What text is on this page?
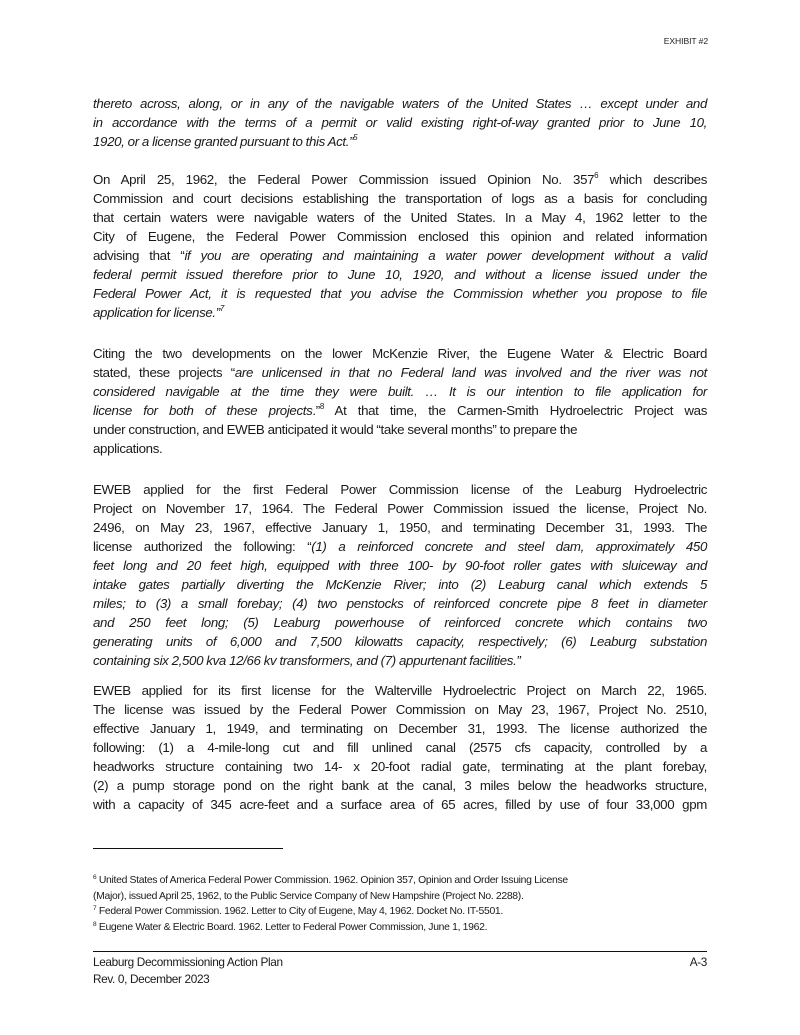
EXHIBIT #2
thereto across, along, or in any of the navigable waters of the United States … except under and
in accordance with the terms of a permit or valid existing right-of-way granted prior to June 10,
1920, or a license granted pursuant to this Act.”$^5$
On April 25, 1962, the Federal Power Commission issued Opinion No. $357^6$ which describes
Commission and court decisions establishing the transportation of logs as a basis for concluding
that certain waters were navigable waters of the United States. In a May 4, 1962 letter to the
City of Eugene, the Federal Power Commission enclosed this opinion and related information
advising that “if you are operating and maintaining a water power development without a valid
federal permit issued therefore prior to June 10, 1920, and without a license issued under the
Federal Power Act, it is requested that you advise the Commission whether you propose to file
application for license.”$^7$
Citing the two developments on the lower McKenzie River, the Eugene Water & Electric Board
stated, these projects “are unlicensed in that no Federal land was involved and the river was not
considered navigable at the time they were built. … It is our intention to file application for
license for both of these projects.”$^8$ At that time, the Carmen-Smith Hydroelectric Project was
under construction, and EWEB anticipated it would “take several months” to prepare the
applications.
EWEB applied for the first Federal Power Commission license of the Leaburg Hydroelectric
Project on November 17, 1964. The Federal Power Commission issued the license, Project No.
2496, on May 23, 1967, effective January 1, 1950, and terminating December 31, 1993. The
license authorized the following: “(1) a reinforced concrete and steel dam, approximately 450
feet long and 20 feet high, equipped with three 100- by 90-foot roller gates with sluiceway and
intake gates partially diverting the McKenzie River; into (2) Leaburg canal which extends 5
miles; to (3) a small forebay; (4) two penstocks of reinforced concrete pipe 8 feet in diameter
and 250 feet long; (5) Leaburg powerhouse of reinforced concrete which contains two
generating units of 6,000 and 7,500 kilowatts capacity, respectively; (6) Leaburg substation
containing six 2,500 kva 12/66 kv transformers, and (7) appurtenant facilities.”
EWEB applied for its first license for the Walterville Hydroelectric Project on March 22, 1965.
The license was issued by the Federal Power Commission on May 23, 1967, Project No. 2510,
effective January 1, 1949, and terminating on December 31, 1993. The license authorized the
following: (1) a 4-mile-long cut and fill unlined canal (2575 cfs capacity, controlled by a
headworks structure containing two 14- x 20-foot radial gate, terminating at the plant forebay,
(2) a pump storage pond on the right bank at the canal, 3 miles below the headworks structure,
with a capacity of 345 acre-feet and a surface area of 65 acres, filled by use of four 33,000 gpm
$^6$ United States of America Federal Power Commission. 1962. Opinion 357, Opinion and Order Issuing License
(Major), issued April 25, 1962, to the Public Service Company of New Hampshire (Project No. 2288).
$^7$ Federal Power Commission. 1962. Letter to City of Eugene, May 4, 1962. Docket No. IT-5501.
$^8$ Eugene Water & Electric Board. 1962. Letter to Federal Power Commission, June 1, 1962.
Leaburg Decommissioning Action Plan	A-3
Rev. 0, December 2023
